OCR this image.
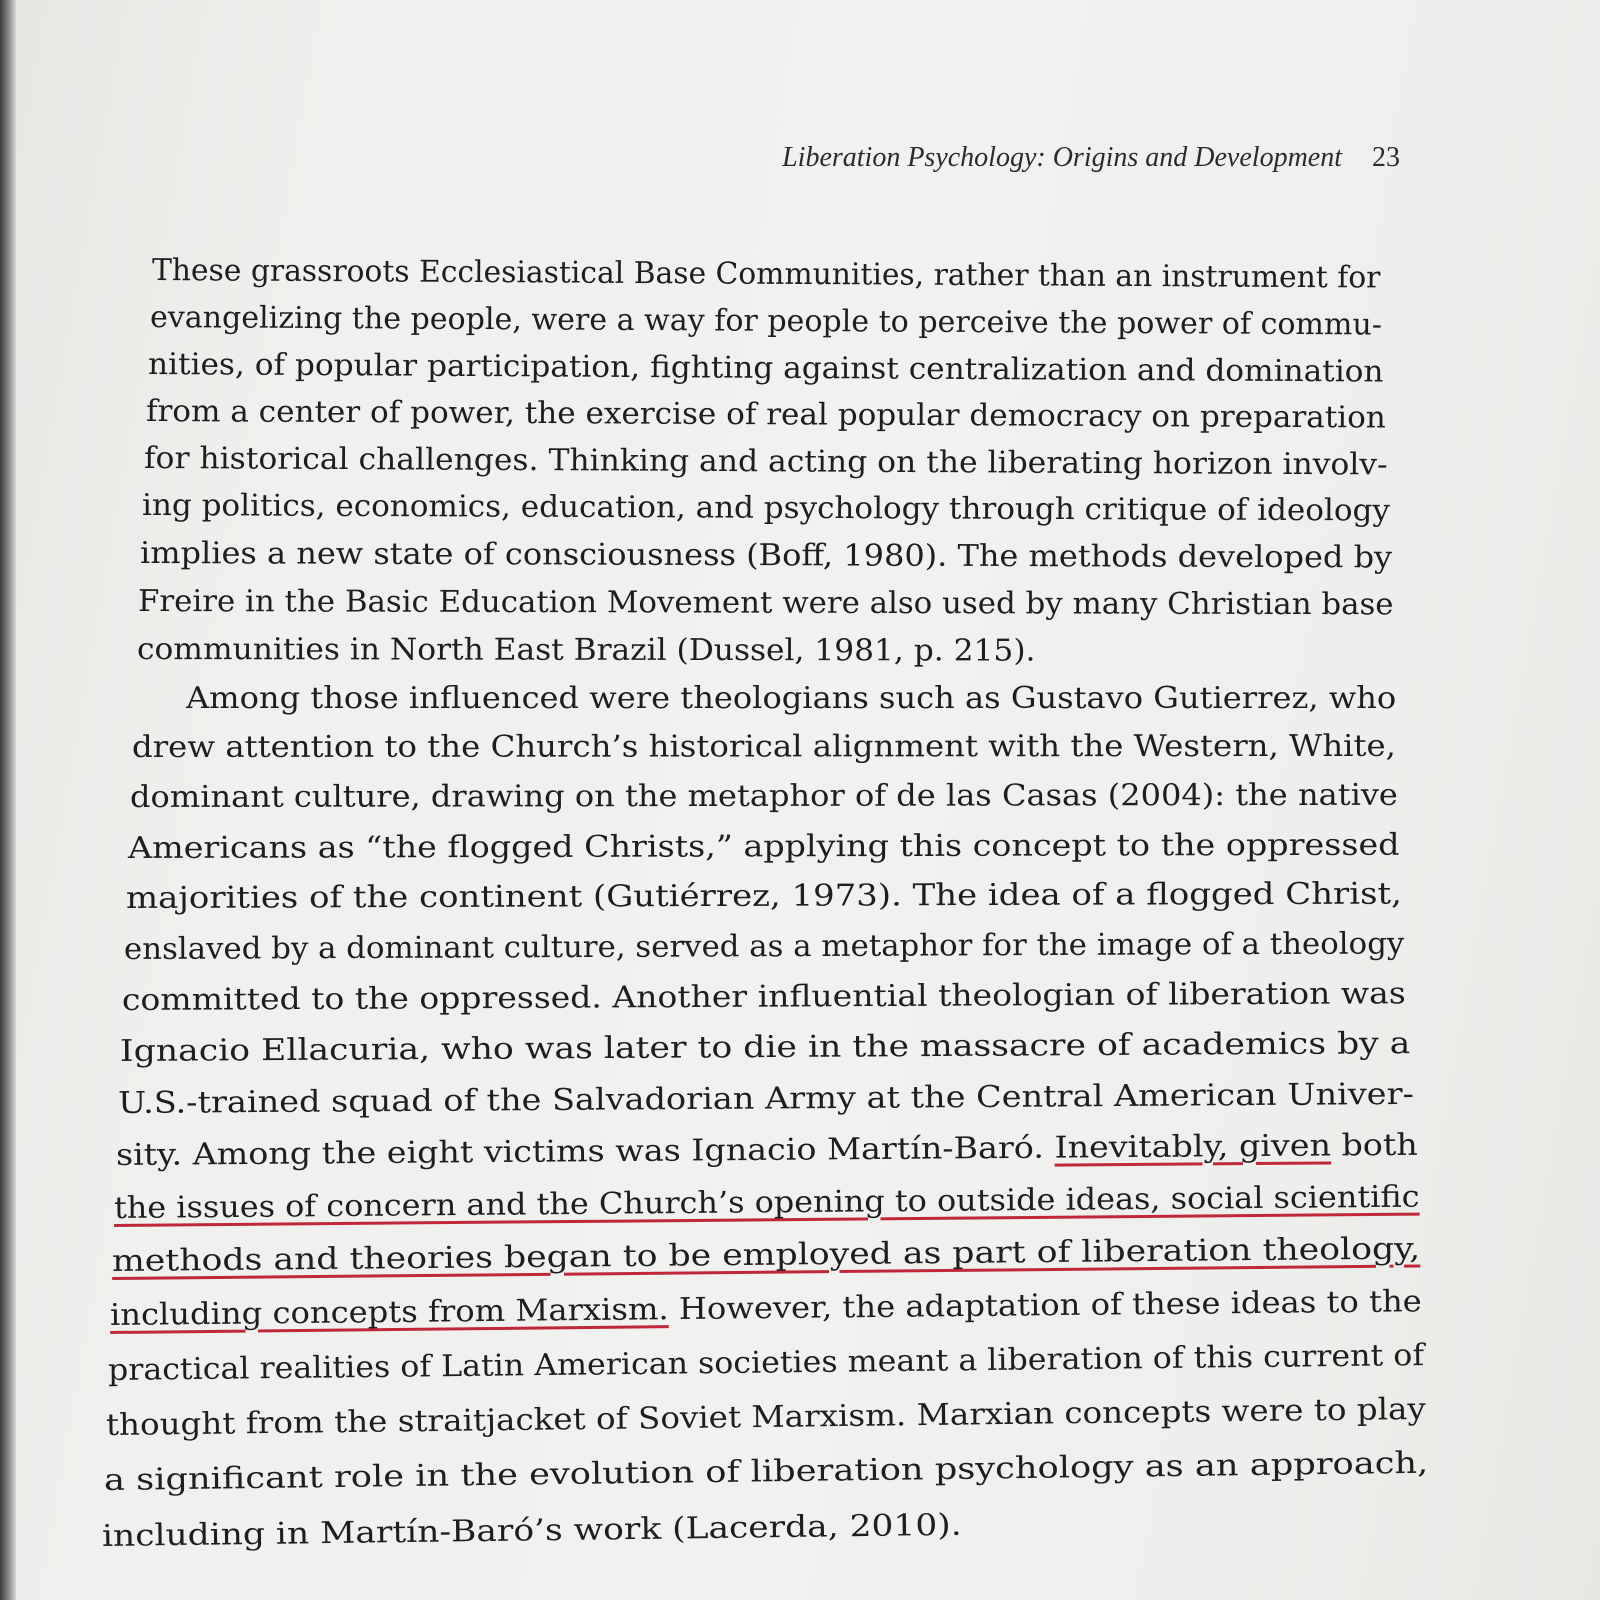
Liberation Psychology: Origins and Development 23
These grassroots Ecclesiastical Base Communities, rather than an instrument for
evangelizing the people, were a way for people to perceive the power of commu-
nities, of popular participation, fighting against centralization and domination
from a center of power, the exercise of real popular democracy on preparation
for historical challenges. Thinking and acting on the liberating horizon involv-
ing politics, economics, education, and psychology through critique of ideology
implies a new state of consciousness (Boff, 1980). The methods developed by
Freire in the Basic Education Movement were also used by many Christian base
communities in North East Brazil (Dussel, 1981, p. 215).
Among those influenced were theologians such as Gustavo Gutierrez, who
drew attention to the Church’s historical alignment with the Western, White,
dominant culture, drawing on the metaphor of de las Casas (2004): the native
Americans as “the flogged Christs,” applying this concept to the oppressed
majorities of the continent (Gutiérrez, 1973). The idea of a flogged Christ,
enslaved by a dominant culture, served as a metaphor for the image of a theology
committed to the oppressed. Another influential theologian of liberation was
Ignacio Ellacuria, who was later to die in the massacre of academics by a
U.S.-trained squad of the Salvadorian Army at the Central American Univer-
sity. Among the eight victims was Ignacio Martín-Baró. Inevitably, given both
the issues of concern and the Church’s opening to outside ideas, social scientific
methods and theories began to be employed as part of liberation theology,
including concepts from Marxism. However, the adaptation of these ideas to the
practical realities of Latin American societies meant a liberation of this current of
thought from the straitjacket of Soviet Marxism. Marxian concepts were to play
a significant role in the evolution of liberation psychology as an approach,
including in Martín-Baró’s work (Lacerda, 2010).
